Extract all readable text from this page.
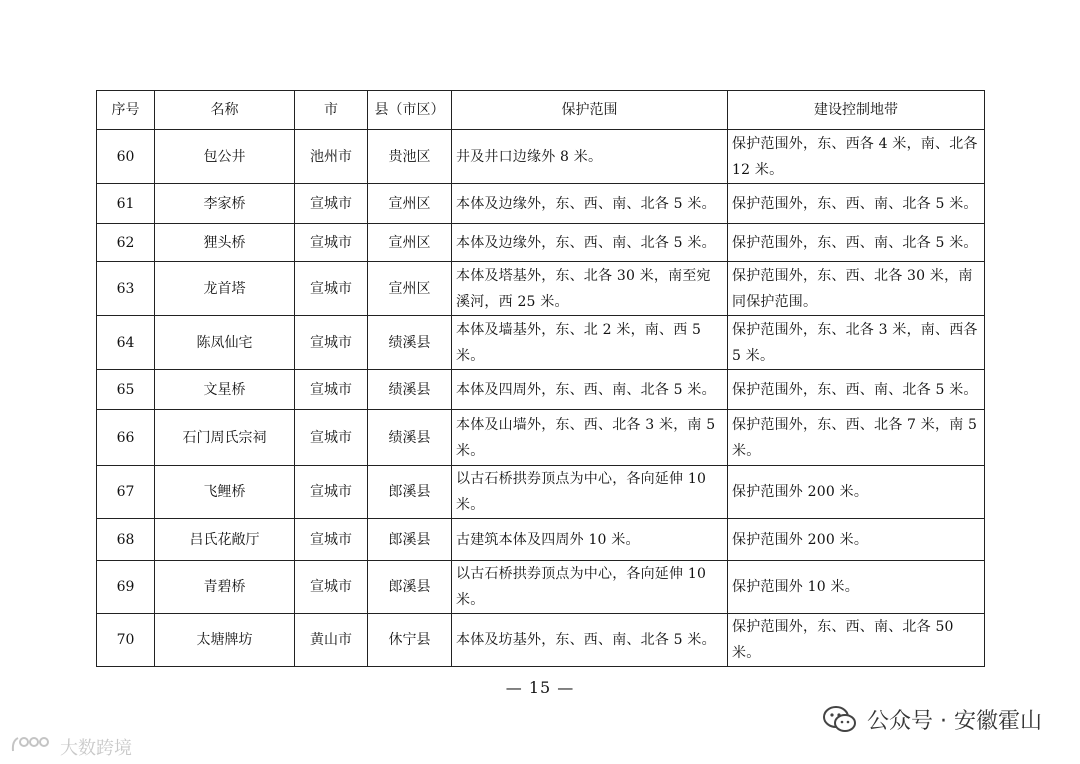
序号	名称	市	县（市区）	保护范围	建设控制地带
60	包公井	池州市	贵池区	井及井口边缘外 8 米。	保护范围外，东、西各 4 米，南、北各 12 米。
61	李家桥	宣城市	宣州区	本体及边缘外，东、西、南、北各 5 米。	保护范围外，东、西、南、北各 5 米。
62	狸头桥	宣城市	宣州区	本体及边缘外，东、西、南、北各 5 米。	保护范围外，东、西、南、北各 5 米。
63	龙首塔	宣城市	宣州区	本体及塔基外，东、北各 30 米，南至宛溪河，西 25 米。	保护范围外，东、西、北各 30 米，南同保护范围。
64	陈凤仙宅	宣城市	绩溪县	本体及墙基外，东、北 2 米，南、西 5 米。	保护范围外，东、北各 3 米，南、西各 5 米。
65	文星桥	宣城市	绩溪县	本体及四周外，东、西、南、北各 5 米。	保护范围外，东、西、南、北各 5 米。
66	石门周氏宗祠	宣城市	绩溪县	本体及山墙外，东、西、北各 3 米，南 5 米。	保护范围外，东、西、北各 7 米，南 5 米。
67	飞鲤桥	宣城市	郎溪县	以古石桥拱券顶点为中心，各向延伸 10 米。	保护范围外 200 米。
68	吕氏花敞厅	宣城市	郎溪县	古建筑本体及四周外 10 米。	保护范围外 200 米。
69	青碧桥	宣城市	郎溪县	以古石桥拱券顶点为中心，各向延伸 10 米。	保护范围外 10 米。
70	太塘牌坊	黄山市	休宁县	本体及坊基外，东、西、南、北各 5 米。	保护范围外，东、西、南、北各 50 米。
— 15 —
大数跨境
公众号 · 安徽霍山
